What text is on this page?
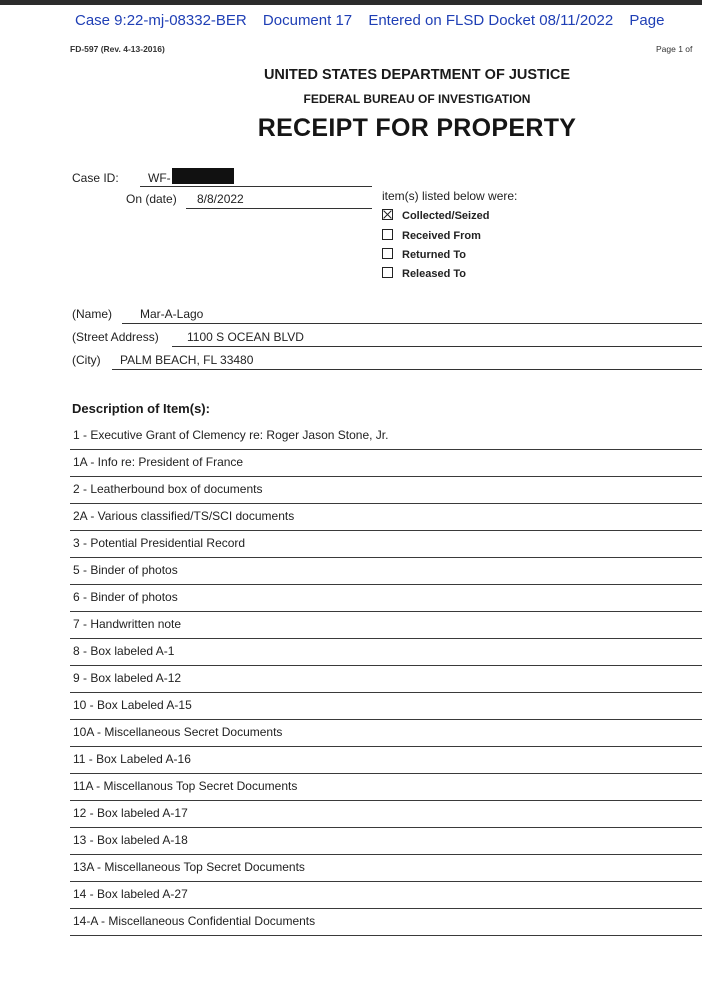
Case 9:22-mj-08332-BER Document 17 Entered on FLSD Docket 08/11/2022 Page
FD-597 (Rev. 4-13-2016)	Page 1 of
UNITED STATES DEPARTMENT OF JUSTICE
FEDERAL BUREAU OF INVESTIGATION
RECEIPT FOR PROPERTY
Case ID: WF-
On (date) 8/8/2022	item(s) listed below were:
Collected/Seized
Received From
Returned To
Released To
(Name) Mar-A-Lago
(Street Address) 1100 S OCEAN BLVD
(City) PALM BEACH, FL 33480
Description of Item(s):
1 - Executive Grant of Clemency re: Roger Jason Stone, Jr.
1A - Info re: President of France
2 - Leatherbound box of documents
2A - Various classified/TS/SCI documents
3 - Potential Presidential Record
5 - Binder of photos
6 - Binder of photos
7 - Handwritten note
8 - Box labeled A-1
9 - Box labeled A-12
10 - Box Labeled A-15
10A - Miscellaneous Secret Documents
11 - Box Labeled A-16
11A - Miscellanous Top Secret Documents
12 - Box labeled A-17
13 - Box labeled A-18
13A - Miscellaneous Top Secret Documents
14 - Box labeled A-27
14-A - Miscellaneous Confidential Documents
